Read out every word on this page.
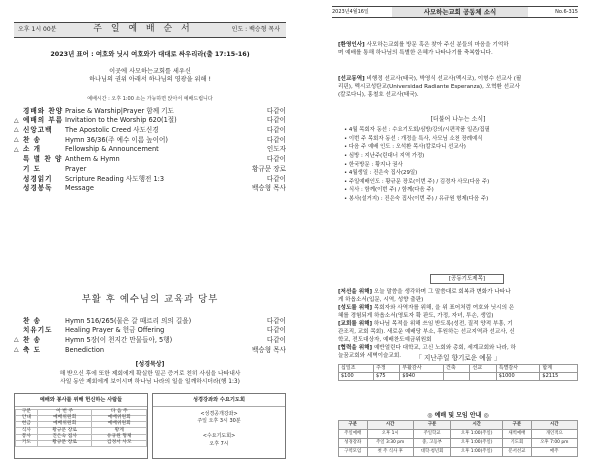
오후 1시 00분	주 일 예 배 순 서	인도 : 백승형 목사
2023년 표어 : 여호와 닛시 여호와가 대대로 싸우리라(출 17:15-16)
이곳에 사모하는교회를 세우신
하나님의 권위 아래서 하나님의 영광을 위해 !
예배시간 : 오후 1:00 소는 가능하면 앉아서 예배드립니다
경배와 찬양 Praise & Warship|Prayer 함께 기도	다같이
△ 예배의 부름 Invitation to the Worship 620(1절)	다같이
△ 신앙고백	The Apostolic Creed 사도신경	다같이
△ 찬 송	Hymn 36/36(주 예수 이름 높이어)	다같이
△ 소 개	Fellowship & Announcement	인도자
특 별 찬 양 Anthem & Hymn	다같이
기 도	Prayer	황규문 장로
성경읽기	Scripture Reading 사도행전 1:3	다같이
성경봉독	Message	백승형 목사
부활 후 예수님의 교육과 당부
찬 송	Hymn 516/265(물은 갈 때르리 의의 길을)	다같이
치유기도	Healing Prayer & 헌금 Offering	다같이
△ 찬 송	Hymn 5장(이 천지간 만물들아, 5행)	다같이
△ 축 도	Benediction	백승형 목사
[성경묵상]
해 받으신 후에 또한 제회에게 확실한 밀곤 증거로 친히 사심을 나타내사
사일 동안 제회에게 보이시며 하나님 나라의 일을 일깨하시더라(행 1:3)
예배와 봉사를 위해 헌신하는 사람들
구분	이 번 주	다 음 주
안내	예배위원회	예배위원회
헌금	예배위원회	예배위원회
식사	황규문 장로	황계
봉사	진은숙 집사	유규원 형제
기도	황규문 장로	김경서 사모
성경강좌와 수요기도회
<성경공개강좌>
주일 오후 3시 30분

<수요기도회>
오후 7시
2023년4월16일	사모하는교회 공동체 소식	No.6-315
[환영인사] 사모하는교회를 방문 혹은 찾아 주신 분들의 마음을 기억하
며 예배를 통해 하나님의 특별한 은혜가 나타나기를 축복합니다.
[선교동역] 비행정 선교사(태국), 박영식 선교사(멕시코), 이형수 선교사 (필
리핀), 멕시코성탄교(Universidad Radiante Esperanza), 오혁환 선교사
(칼로다니), 홍철호 선교사(태국).
[더불어 나누는 소식]
• 4월 목회자 동선 : 수요기도회/심방/강의/시편작품 일존/집필
• 이번 주 목회자 동선 : 개정을 특사, 사모님 소천 장례예식
• 다음 주 예배 인도 : 오석환 목사(칼로다니 선교사)
• 심방 : 지난주(린대너 지역 가정)
• 한국방문 : 황지나 권사
• 4월생일 : 진은숙 집사(29일)
• 주일예배인도 : 황규문 장로(이번 주) / 김경자 사모(다음 주)
• 식사 : 함께(이번 주) / 함께(다음 주)
• 봉사(설거지) : 진은숙 집사(이번 주) / 유규원 형제(다음 주)
[공동기도제목]
[저선을 위해] 오늘 말씀을 생각하며 그 말씀대로 회복과 변화가 나타나
게 하옵소서(입문, 시역, 성향 출판)
[성도를 위해] 목회자와 사역자를 위해, 을 위 표어처럼 여호와 닛시의 은
혜를 경험되게 하옵소서(영토자 확 판도, 가정, 자녀, 투손, 생업)
[교회를 위해] 하나님 목적을 위해 쓰임 받도록(성전, 질적 양적 부흥, 기
관조직, 교회 목회). 새로운 예배당 부소, 후원하는 선교지역과 선교사, 신
학교, 전도대상자, 예배찬도예금위원회
[협력을 위해] 예반얼린다 대학교, 고신 노회와 총회, 세계교회와 나라, 하
늘꿈교회와 세벽이슬교회.	「 지난주일 향기로운 예물 」
십일조	주정	부활감사	건축	선교	특별감사	합계
$100	$75	$940			$1000	$2115
◎ 예배 및 모임 안내 ◎
구분	시간	구분	시간	구분	시간
주일예배	오후 1시	주일학교	오후 1:00(주일)	새벽예배	개인적으
성경강좌	주일 3:30 pm	중, 고등부	오후 1:00(주일)	기도회	오후 7:00 pm
구역모임	첫 주 식사 후	대학·청년회	오후 1:00(주일)	문서선교	매주
